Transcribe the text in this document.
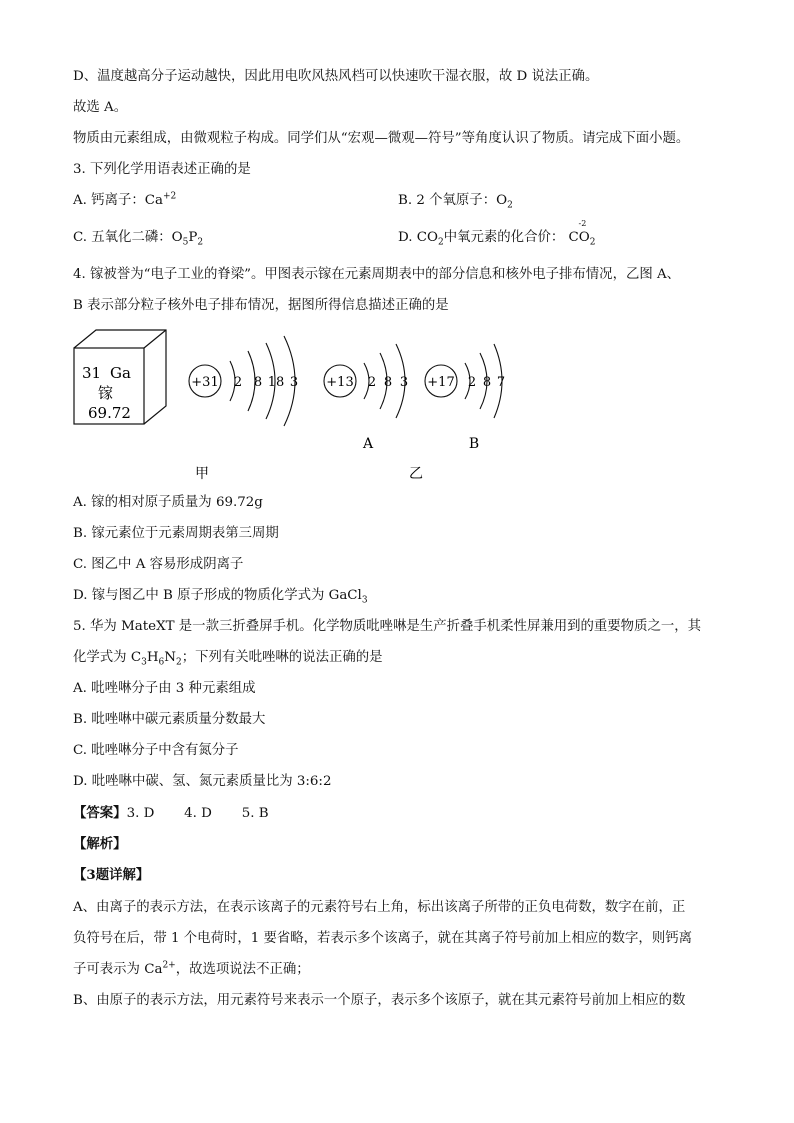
D、温度越高分子运动越快，因此用电吹风热风档可以快速吹干湿衣服，故 D 说法正确。
故选 A。
物质由元素组成，由微观粒子构成。同学们从“宏观—微观—符号”等角度认识了物质。请完成下面小题。
3. 下列化学用语表述正确的是
A. 钙离子：$Ca^{+2}$	B. 2 个氧原子：$O_2$
C. 五氧化二磷：$O_5P_2$	D. $CO_2$中氧元素的化合价：
-2
$CO_2$
4. 镓被誉为“电子工业的脊梁”。甲图表示镓在元素周期表中的部分信息和核外电子排布情况，乙图 A、
B 表示部分粒子核外电子排布情况，据图所得信息描述正确的是
31 Ga
镓
69.72
+31 2 8 18 3 +13 2 8 3
A
+17 2 8 7
B
甲	乙
A. 镓的相对原子质量为 69.72g
B. 镓元素位于元素周期表第三周期
C. 图乙中 A 容易形成阴离子
D. 镓与图乙中 B 原子形成的物质化学式为 GaCl$_3$
5. 华为 MateXT 是一款三折叠屏手机。化学物质吡唑啉是生产折叠手机柔性屏兼用到的重要物质之一，其
化学式为 $C_3H_6N_2$；下列有关吡唑啉的说法正确的是
A. 吡唑啉分子由 3 种元素组成
B. 吡唑啉中碳元素质量分数最大
C. 吡唑啉分子中含有氮分子
D. 吡唑啉中碳、氢、氮元素质量比为 3:6:2
【答案】3. D       4. D       5. B
【解析】
【3题详解】
A、由离子的表示方法，在表示该离子的元素符号右上角，标出该离子所带的正负电荷数，数字在前，正
负符号在后，带 1 个电荷时，1 要省略，若表示多个该离子，就在其离子符号前加上相应的数字，则钙离
子可表示为 $Ca^{2+}$，故选项说法不正确；
B、由原子的表示方法，用元素符号来表示一个原子，表示多个该原子，就在其元素符号前加上相应的数
